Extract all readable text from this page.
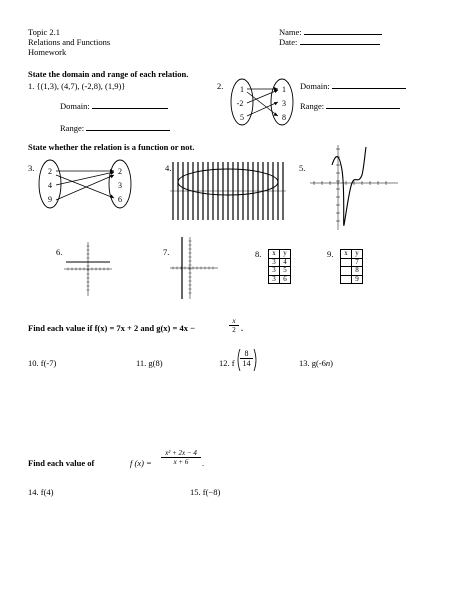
Topic 2.1
Relations and Functions
Homework
Name:
Date:
State the domain and range of each relation.
1. {(1,3), (4,7), (-2,8), (1,9)}
Domain:
Range:
2. 1
-2
5
1
3
8
Domain:
Range:
State whether the relation is a function or not.
3. 2
4
9
2
3
6
4.	5.
6.	7.	8. x	y
3	4
3	5
3	6
9. x	y
	7
	8
	9
Find each value if f(x) = 7x + 2 and g(x) = 4x −	$\frac{x}{2}$ .
10. f(-7)	11. g(8)	12. f $\frac{8}{14}$	13. g(-6n)
Find each value of	f $(x) = \frac{\text{x² + 2x − 4}}{x + 6}$ .
14. f(4)	15. f(−8)
